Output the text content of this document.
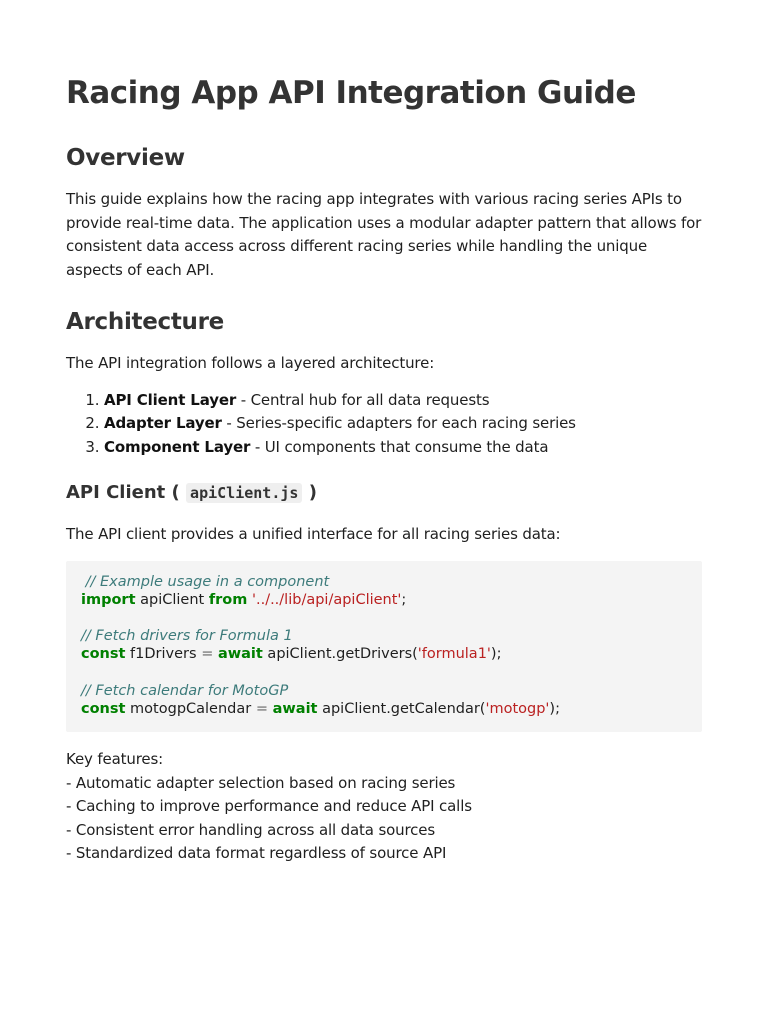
Racing App API Integration Guide
Overview

This guide explains how the racing app integrates with various racing series APIs to provide real-time data. The application uses a modular adapter pattern that allows for consistent data access across different racing series while handling the unique aspects of each API.

Architecture

The API integration follows a layered architecture:

1. API Client Layer - Central hub for all data requests
2. Adapter Layer - Series-specific adapters for each racing series
3. Component Layer - UI components that consume the data
API Client ( apiClient.js )

The API client provides a unified interface for all racing series data:

// Example usage in a component
import apiClient from '../../lib/api/apiClient';
// Fetch drivers for Formula 1
const f1Drivers = await apiClient.getDrivers('formula1');
// Fetch calendar for MotoGP
const motogpCalendar = await apiClient.getCalendar('motogp');
Key features:
- Automatic adapter selection based on racing series
- Caching to improve performance and reduce API calls
- Consistent error handling across all data sources
- Standardized data format regardless of source API
